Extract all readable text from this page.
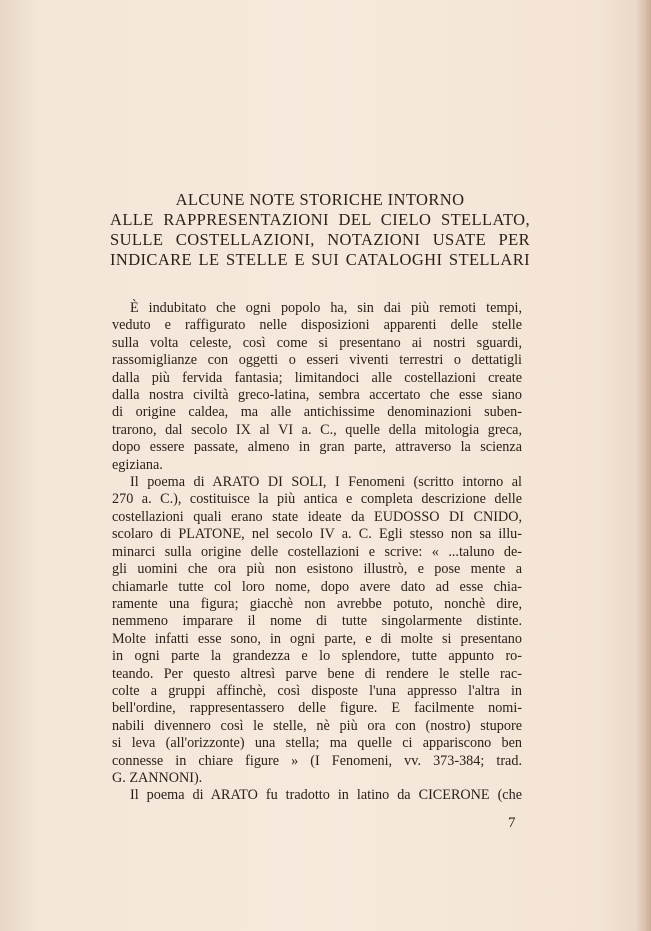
ALCUNE NOTE STORICHE INTORNO
ALLE RAPPRESENTAZIONI DEL CIELO STELLATO,
SULLE COSTELLAZIONI, NOTAZIONI USATE PER
INDICARE LE STELLE E SUI CATALOGHI STELLARI
È indubitato che ogni popolo ha, sin dai più remoti tempi,
veduto e raffigurato nelle disposizioni apparenti delle stelle
sulla volta celeste, così come si presentano ai nostri sguardi,
rassomiglianze con oggetti o esseri viventi terrestri o dettatigli
dalla più fervida fantasia; limitandoci alle costellazioni create
dalla nostra civiltà greco-latina, sembra accertato che esse siano
di origine caldea, ma alle antichissime denominazioni suben-
trarono, dal secolo IX al VI a. C., quelle della mitologia greca,
dopo essere passate, almeno in gran parte, attraverso la scienza
egiziana.
Il poema di ARATO DI SOLI, I Fenomeni (scritto intorno al
270 a. C.), costituisce la più antica e completa descrizione delle
costellazioni quali erano state ideate da EUDOSSO DI CNIDO,
scolaro di PLATONE, nel secolo IV a. C. Egli stesso non sa illu-
minarci sulla origine delle costellazioni e scrive: « ...taluno de-
gli uomini che ora più non esistono illustrò, e pose mente a
chiamarle tutte col loro nome, dopo avere dato ad esse chia-
ramente una figura; giacchè non avrebbe potuto, nonchè dire,
nemmeno imparare il nome di tutte singolarmente distinte.
Molte infatti esse sono, in ogni parte, e di molte si presentano
in ogni parte la grandezza e lo splendore, tutte appunto ro-
teando. Per questo altresì parve bene di rendere le stelle rac-
colte a gruppi affinchè, così disposte l'una appresso l'altra in
bell'ordine, rappresentassero delle figure. E facilmente nomi-
nabili divennero così le stelle, nè più ora con (nostro) stupore
si leva (all'orizzonte) una stella; ma quelle ci appariscono ben
connesse in chiare figure » (I Fenomeni, vv. 373-384; trad.
G. ZANNONI).
Il poema di ARATO fu tradotto in latino da CICERONE (che
7
